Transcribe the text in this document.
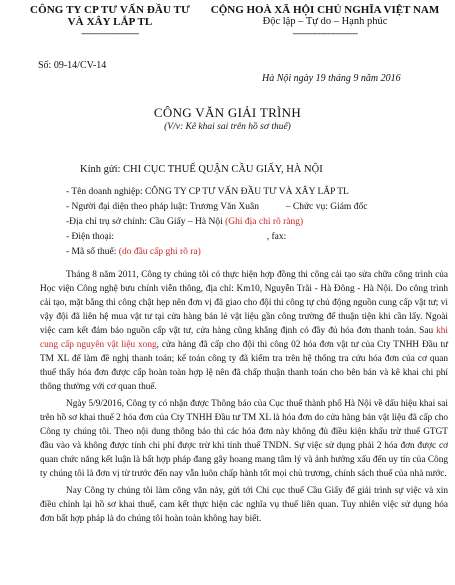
CÔNG TY CP TƯ VẤN ĐẦU TƯ
VÀ XÂY LẮP TL
-----------------------
CỘNG HOÀ XÃ HỘI CHỦ NGHĨA VIỆT NAM
Độc lập – Tự do – Hạnh phúc
--------------------------
Số: 09-14/CV-14
Hà Nội ngày 19 tháng 9 năm 2016
CÔNG VĂN GIẢI TRÌNH
(V/v: Kê khai sai trên hồ sơ thuế)
Kính gửi: CHI CỤC THUẾ QUẬN CẦU GIẤY, HÀ NỘI
- Tên doanh nghiệp: CÔNG TY CP TƯ VẤN ĐẦU TƯ VÀ XÂY LẮP TL
- Người đại diện theo pháp luật: Trương Văn Xuân	– Chức vụ: Giám đốc
-Địa chỉ trụ sở chính: Cầu Giấy – Hà Nội (Ghi địa chỉ rõ ràng)
- Điện thoại:	, fax:
- Mã số thuế: (do đầu cấp ghi rõ ra)

Tháng 8 năm 2011, Công ty chúng tôi có thực hiện hợp đồng thi công cải tạo sửa chữa công trình của Học viện Công nghệ bưu chính viễn thông, địa chỉ: Km10, Nguyễn Trãi - Hà Đông - Hà Nội. Do công trình cải tạo, mặt bằng thi công chật hẹp nên đơn vị đã giao cho đội thi công tự chủ động nguồn cung cấp vật tư; vì vậy đội đã liên hệ mua vật tư tại cửa hàng bán lẻ vật liệu gần công trường để thuận tiện khi cần lấy. Ngoài việc cam kết đảm bảo nguồn cấp vật tư, cửa hàng cũng khẳng định có đầy đủ hóa đơn thanh toán. Sau khi cung cấp nguyên vật liệu xong, cửa hàng đã cấp cho đội thi công 02 hóa đơn vật tư của Cty TNHH Đầu tư TM XL để làm đề nghị thanh toán; kế toán công ty đã kiểm tra trên hệ thống tra cứu hóa đơn của cơ quan thuế thấy hóa đơn được cấp hoàn toàn hợp lệ nên đã chấp thuận thanh toán cho bên bán và kê khai chi phí thông thường với cơ quan thuế.

Ngày 5/9/2016, Công ty có nhận được Thông báo của Cục thuế thành phố Hà Nội về dấu hiệu khai sai trên hồ sơ khai thuế 2 hóa đơn của Cty TNHH Đầu tư TM XL là hóa đơn do cửa hàng bán vật liệu đã cấp cho Công ty chúng tôi. Theo nội dung thông báo thì các hóa đơn này không đủ điều kiện khấu trừ thuế GTGT đầu vào và không được tính chi phí được trừ khi tính thuế TNDN. Sự việc sử dụng phải 2 hóa đơn được cơ quan chức năng kết luận là bất hợp pháp đang gây hoang mang tâm lý và ảnh hưởng xấu đến uy tín của Công ty chúng tôi là đơn vị từ trước đến nay vẫn luôn chấp hành tốt mọi chủ trương, chính sách thuế của nhà nước.

Nay Công ty chúng tôi làm công văn này, gửi tới Chi cục thuế Cầu Giấy để giải trình sự việc và xin điều chỉnh lại hồ sơ khai thuế, cam kết thực hiện các nghĩa vụ thuế liên quan. Tuy nhiên việc sử dụng hóa đơn bất hợp pháp là do chúng tôi hoàn toàn không hay biết.
